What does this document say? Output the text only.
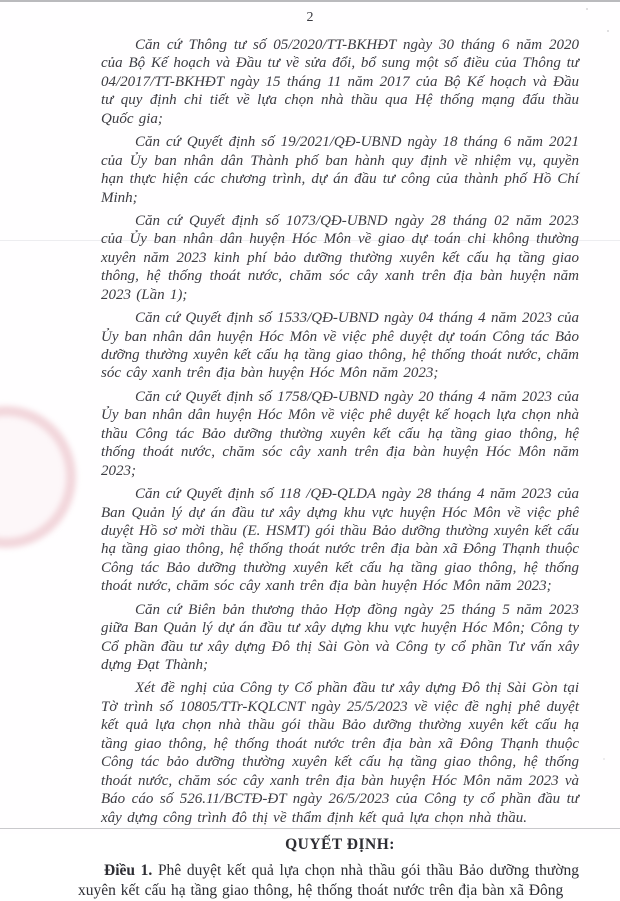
2

Căn cứ Thông tư số 05/2020/TT-BKHĐT ngày 30 tháng 6 năm 2020 của Bộ Kế hoạch và Đầu tư về sửa đổi, bổ sung một số điều của Thông tư 04/2017/TT-BKHĐT ngày 15 tháng 11 năm 2017 của Bộ Kế hoạch và Đầu tư quy định chi tiết về lựa chọn nhà thầu qua Hệ thống mạng đấu thầu Quốc gia;

Căn cứ Quyết định số 19/2021/QĐ-UBND ngày 18 tháng 6 năm 2021 của Ủy ban nhân dân Thành phố ban hành quy định về nhiệm vụ, quyền hạn thực hiện các chương trình, dự án đầu tư công của thành phố Hồ Chí Minh;

Căn cứ Quyết định số 1073/QĐ-UBND ngày 28 tháng 02 năm 2023 của Ủy ban nhân dân huyện Hóc Môn về giao dự toán chi không thường xuyên năm 2023 kinh phí bảo dưỡng thường xuyên kết cấu hạ tầng giao thông, hệ thống thoát nước, chăm sóc cây xanh trên địa bàn huyện năm 2023 (Lần 1);

Căn cứ Quyết định số 1533/QĐ-UBND ngày 04 tháng 4 năm 2023 của Ủy ban nhân dân huyện Hóc Môn về việc phê duyệt dự toán Công tác Bảo dưỡng thường xuyên kết cấu hạ tầng giao thông, hệ thống thoát nước, chăm sóc cây xanh trên địa bàn huyện Hóc Môn năm 2023;

Căn cứ Quyết định số 1758/QĐ-UBND ngày 20 tháng 4 năm 2023 của Ủy ban nhân dân huyện Hóc Môn về việc phê duyệt kế hoạch lựa chọn nhà thầu Công tác Bảo dưỡng thường xuyên kết cấu hạ tầng giao thông, hệ thống thoát nước, chăm sóc cây xanh trên địa bàn huyện Hóc Môn năm 2023;

Căn cứ Quyết định số 118 /QĐ-QLDA ngày 28 tháng 4 năm 2023 của Ban Quản lý dự án đầu tư xây dựng khu vực huyện Hóc Môn về việc phê duyệt Hồ sơ mời thầu (E. HSMT) gói thầu Bảo dưỡng thường xuyên kết cấu hạ tầng giao thông, hệ thống thoát nước trên địa bàn xã Đông Thạnh thuộc Công tác Bảo dưỡng thường xuyên kết cấu hạ tầng giao thông, hệ thống thoát nước, chăm sóc cây xanh trên địa bàn huyện Hóc Môn năm 2023;

Căn cứ Biên bản thương thảo Hợp đồng ngày 25 tháng 5 năm 2023 giữa Ban Quản lý dự án đầu tư xây dựng khu vực huyện Hóc Môn; Công ty Cổ phần đầu tư xây dựng Đô thị Sài Gòn và Công ty cổ phần Tư vấn xây dựng Đạt Thành;

Xét đề nghị của Công ty Cổ phần đầu tư xây dựng Đô thị Sài Gòn tại Tờ trình số 10805/TTr-KQLCNT ngày 25/5/2023 về việc đề nghị phê duyệt kết quả lựa chọn nhà thầu gói thầu Bảo dưỡng thường xuyên kết cấu hạ tầng giao thông, hệ thống thoát nước trên địa bàn xã Đông Thạnh thuộc Công tác bảo dưỡng thường xuyên kết cấu hạ tầng giao thông, hệ thống thoát nước, chăm sóc cây xanh trên địa bàn huyện Hóc Môn năm 2023 và Báo cáo số 526.11/BCTĐ-ĐT ngày 26/5/2023 của Công ty cổ phần đầu tư xây dựng công trình đô thị về thẩm định kết quả lựa chọn nhà thầu.

QUYẾT ĐỊNH:

Điều 1. Phê duyệt kết quả lựa chọn nhà thầu gói thầu Bảo dưỡng thường xuyên kết cấu hạ tầng giao thông, hệ thống thoát nước trên địa bàn xã Đông
